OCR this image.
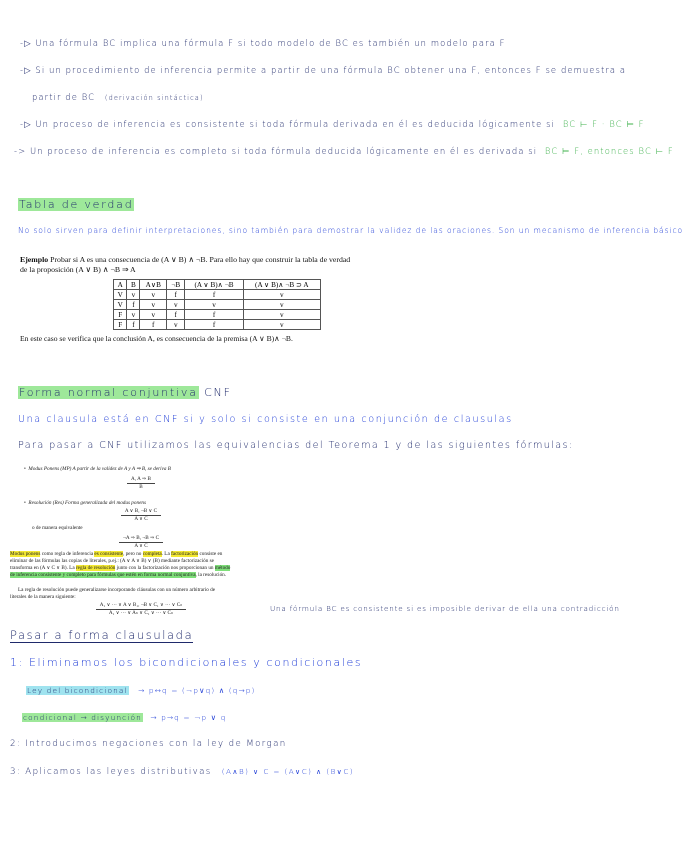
-▷ Una fórmula BC implica una fórmula F si todo modelo de BC es también un modelo para F
-▷ Si un procedimiento de inferencia permite a partir de una fórmula BC obtener una F, entonces F se demuestra a
partir de BC (derivación sintáctica)
-▷ Un proceso de inferencia es consistente si toda fórmula derivada en él es deducida lógicamente si BC ⊢ F · BC ⊨ F
-> Un proceso de inferencia es completo si toda fórmula deducida lógicamente en él es derivada si BC ⊨ F, entonces BC ⊢ F
Tabla de verdad
No solo sirven para definir interpretaciones, sino también para demostrar la validez de las oraciones. Son un mecanismo de inferencia básico
Ejemplo Probar si A es una consecuencia de (A ∨ B) ∧ ¬B. Para ello hay que construir la tabla de verdad
de la proposición (A ∨ B) ∧ ¬B ⇒ A
A	B	A∨B	¬B	(A ∨ B)∧ ¬B	(A ∨ B)∧ ¬B ⊃ A
V	v	v	f	f	v
V	f	v	v	v	v
F	v	v	f	f	v
F	f	f	v	f	v
En este caso se verifica que la conclusión A, es consecuencia de la premisa (A ∨ B)∧ ¬B.
Forma normal conjuntiva CNF
Una clausula está en CNF si y solo si consiste en una conjunción de clausulas
Para pasar a CNF utilizamos las equivalencias del Teorema 1 y de las siguientes fórmulas:
•  Modus Ponens (MP) A partir de la validez de A y A ⇒ B, se deriva B
A, A ⇒ B
B
•  Resolución (Res) Forma generalizada del modus ponens
A ∨ B, ¬B ∨ C
A ∨ C
o de manera equivalente
¬A ⇒ B, ¬B ⇒ C
A ∨ C
Modus ponens como regla de inferencia es consistente, pero no completa. La factorización consiste en
eliminar de las fórmulas las copias de literales, p.ej.: (A ∨ A ∨ B) ∨ (B) mediante factorización se
transforma en (A ∨ C ∨ B). La regla de resolución junto con la factorización nos proporcionan un método
de inferencia consistente y completo para fórmulas que estén en forma normal conjuntiva, la resolución.
La regla de resolución puede generalizarse incorporando cláusulas con un número arbitrario de
literales de la manera siguiente:
A₁ ∨ ··· ∨ A ∨ B₁, ¬B ∨ C₁ ∨ ··· ∨ Cₙ
A₁ ∨ ··· ∨ Aₙ ∨ C₁ ∨ ··· ∨ Cₙ	Una fórmula BC es consistente si es imposible derivar de ella una contradicción
Pasar a forma clausulada
1: Eliminamos los bicondicionales y condicionales
Ley del bicondicional → p↔q = (¬p∨q) ∧ (q→p)
condicional → disyunción → p→q = ¬p ∨ q
2: Introducimos negaciones con la ley de Morgan
3: Aplicamos las leyes distributivas (A∧B) ∨ C = (A∨C) ∧ (B∨C)
